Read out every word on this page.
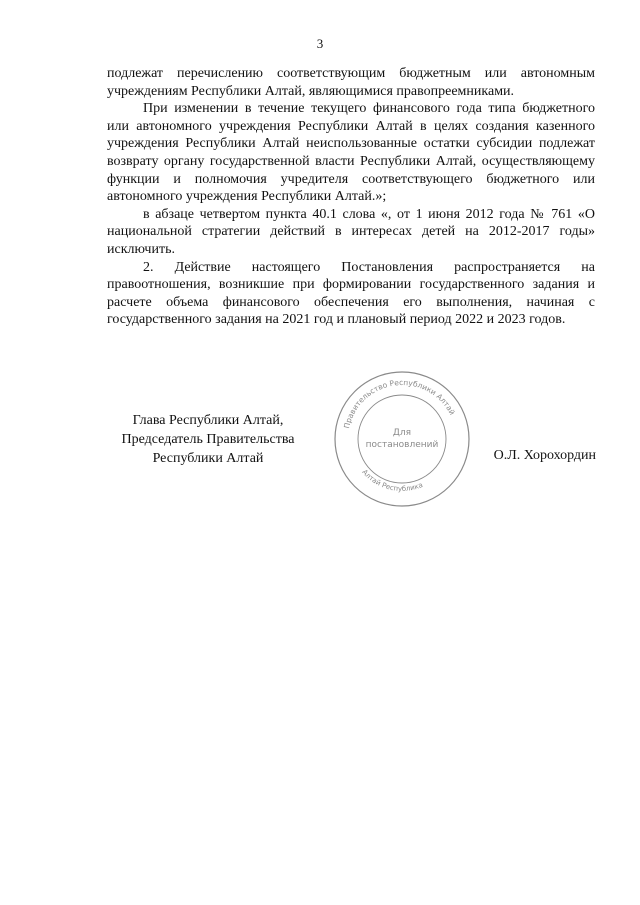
3

подлежат перечислению соответствующим бюджетным или автономным учреждениям Республики Алтай, являющимися правопреемниками.

При изменении в течение текущего финансового года типа бюджетного или автономного учреждения Республики Алтай в целях создания казенного учреждения Республики Алтай неиспользованные остатки субсидии подлежат возврату органу государственной власти Республики Алтай, осуществляющему функции и полномочия учредителя соответствующего бюджетного или автономного учреждения Республики Алтай.»;

в абзаце четвертом пункта 40.1 слова «, от 1 июня 2012 года № 761 «О национальной стратегии действий в интересах детей на 2012-2017 годы» исключить.

2. Действие настоящего Постановления распространяется на правоотношения, возникшие при формировании государственного задания и расчете объема финансового обеспечения его выполнения, начиная с государственного задания на 2021 год и плановый период 2022 и 2023 годов.

Глава Республики Алтай,
Председатель Правительства
Республики Алтай
Правительство Республики Алтай
Алтай Республика
Для
постановлений
О.Л. Хорохордин
